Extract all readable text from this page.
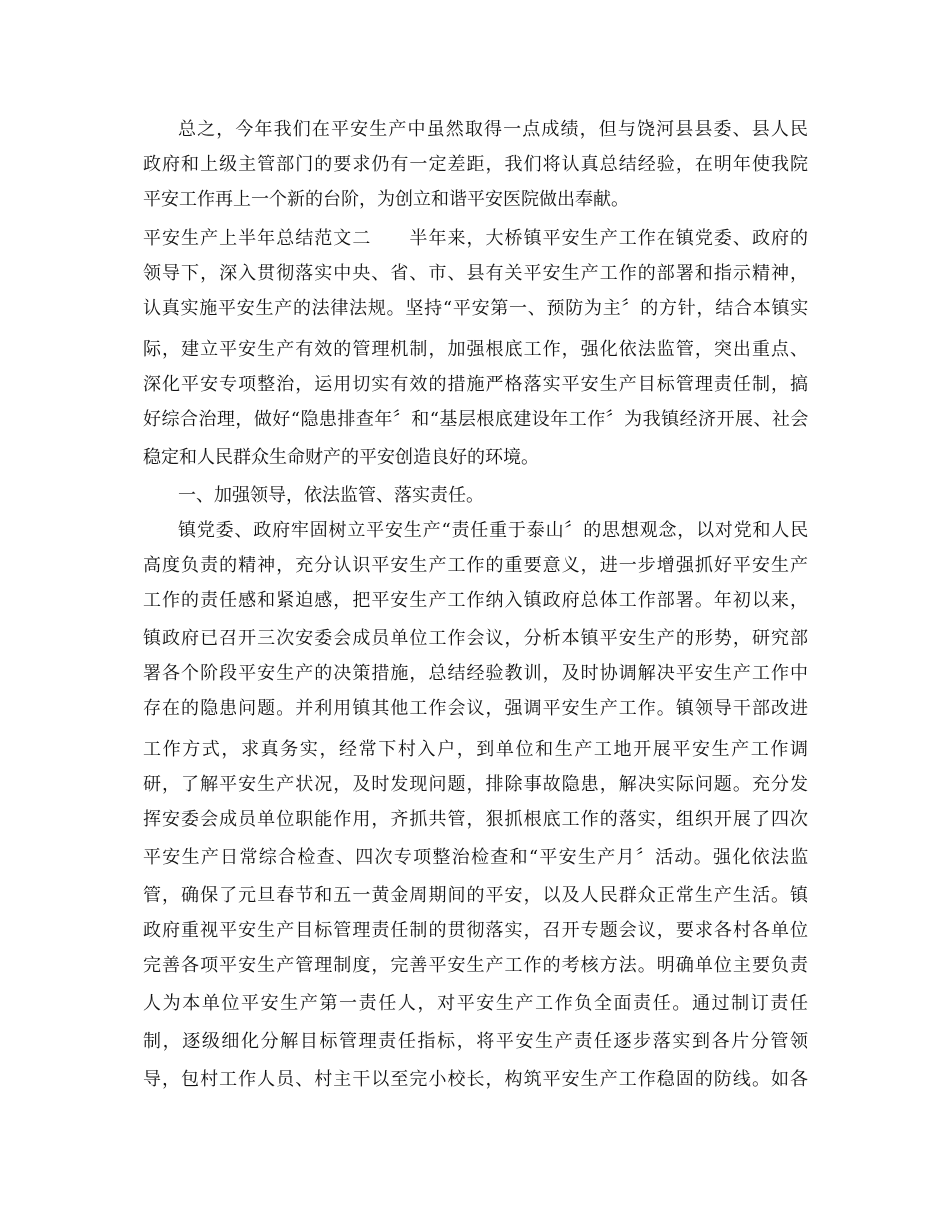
总之，今年我们在平安生产中虽然取得一点成绩，但与饶河县县委、县人民
政府和上级主管部门的要求仍有一定差距，我们将认真总结经验，在明年使我院
平安工作再上一个新的台阶，为创立和谐平安医院做出奉献。
平安生产上半年总结范文二　　半年来，大桥镇平安生产工作在镇党委、政府的
领导下，深入贯彻落实中央、省、市、县有关平安生产工作的部署和指示精神，
认真实施平安生产的法律法规。坚持“平安第一、预防为主〞的方针，结合本镇实
际，建立平安生产有效的管理机制，加强根底工作，强化依法监管，突出重点、
深化平安专项整治，运用切实有效的措施严格落实平安生产目标管理责任制，搞
好综合治理，做好“隐患排查年〞和“基层根底建设年工作〞为我镇经济开展、社会
稳定和人民群众生命财产的平安创造良好的环境。
一、加强领导，依法监管、落实责任。
镇党委、政府牢固树立平安生产“责任重于泰山〞的思想观念，以对党和人民
高度负责的精神，充分认识平安生产工作的重要意义，进一步增强抓好平安生产
工作的责任感和紧迫感，把平安生产工作纳入镇政府总体工作部署。年初以来，
镇政府已召开三次安委会成员单位工作会议，分析本镇平安生产的形势，研究部
署各个阶段平安生产的决策措施，总结经验教训，及时协调解决平安生产工作中
存在的隐患问题。并利用镇其他工作会议，强调平安生产工作。镇领导干部改进
工作方式，求真务实，经常下村入户，到单位和生产工地开展平安生产工作调
研，了解平安生产状况，及时发现问题，排除事故隐患，解决实际问题。充分发
挥安委会成员单位职能作用，齐抓共管，狠抓根底工作的落实，组织开展了四次
平安生产日常综合检查、四次专项整治检查和“平安生产月〞活动。强化依法监
管，确保了元旦春节和五一黄金周期间的平安，以及人民群众正常生产生活。镇
政府重视平安生产目标管理责任制的贯彻落实，召开专题会议，要求各村各单位
完善各项平安生产管理制度，完善平安生产工作的考核方法。明确单位主要负责
人为本单位平安生产第一责任人，对平安生产工作负全面责任。通过制订责任
制，逐级细化分解目标管理责任指标，将平安生产责任逐步落实到各片分管领
导，包村工作人员、村主干以至完小校长，构筑平安生产工作稳固的防线。如各
